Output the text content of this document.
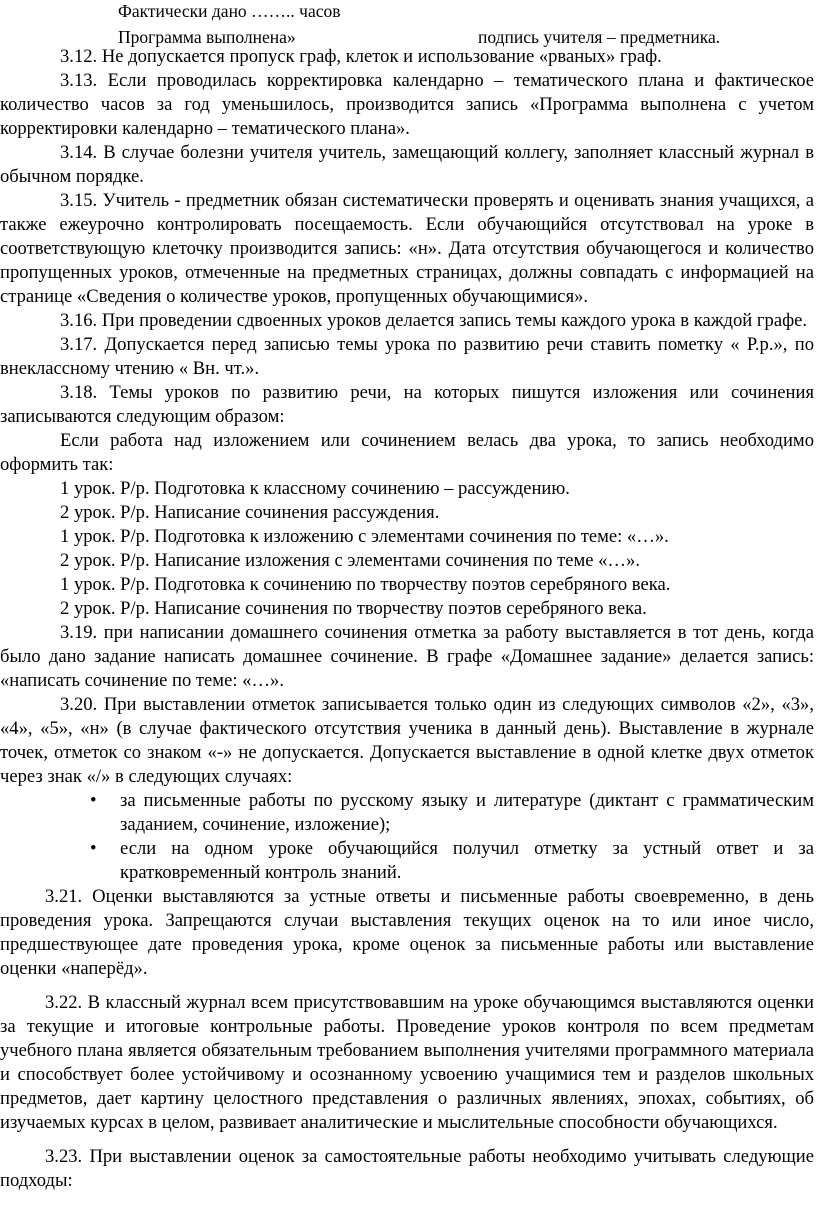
Фактически дано …….. часов
Программа выполнена»	подпись учителя – предметника.

3.12. Не допускается пропуск граф, клеток и использование «рваных» граф.

3.13. Если проводилась корректировка календарно – тематического плана и фактическое количество часов за год уменьшилось, производится запись «Программа выполнена с учетом корректировки календарно – тематического плана».

3.14. В случае болезни учителя учитель, замещающий коллегу, заполняет классный журнал в обычном порядке.

3.15. Учитель - предметник обязан систематически проверять и оценивать знания учащихся, а также ежеурочно контролировать посещаемость. Если обучающийся отсутствовал на уроке в соответствующую клеточку производится запись: «н». Дата отсутствия обучающегося и количество пропущенных уроков, отмеченные на предметных страницах, должны совпадать с информацией на странице «Сведения о количестве уроков, пропущенных обучающимися».

3.16. При проведении сдвоенных уроков делается запись темы каждого урока в каждой графе.

3.17. Допускается перед записью темы урока по развитию речи ставить пометку « Р.р.», по внеклассному чтению « Вн. чт.».

3.18. Темы уроков по развитию речи, на которых пишутся изложения или сочинения записываются следующим образом:

Если работа над изложением или сочинением велась два урока, то запись необходимо оформить так:

1 урок. Р/р. Подготовка к классному сочинению – рассуждению.

2 урок. Р/р. Написание сочинения рассуждения.

1 урок. Р/р. Подготовка к изложению с элементами сочинения по теме: «…».

2 урок. Р/р. Написание изложения с элементами сочинения по теме «…».

1 урок. Р/р. Подготовка к сочинению по творчеству поэтов серебряного века.

2 урок. Р/р. Написание сочинения по творчеству поэтов серебряного века.

3.19. при написании домашнего сочинения отметка за работу выставляется в тот день, когда было дано задание написать домашнее сочинение. В графе «Домашнее задание» делается запись: «написать сочинение по теме: «…».

3.20. При выставлении отметок записывается только один из следующих символов «2», «3», «4», «5», «н» (в случае фактического отсутствия ученика в данный день). Выставление в журнале точек, отметок со знаком «-» не допускается. Допускается выставление в одной клетке двух отметок через знак «/» в следующих случаях:

• за письменные работы по русскому языку и литературе (диктант с грамматическим заданием, сочинение, изложение);
• если на одном уроке обучающийся получил отметку за устный ответ и за кратковременный контроль знаний.

3.21. Оценки выставляются за устные ответы и письменные работы своевременно, в день проведения урока. Запрещаются случаи выставления текущих оценок на то или иное число, предшествующее дате проведения урока, кроме оценок за письменные работы или выставление оценки «наперёд».

3.22. В классный журнал всем присутствовавшим на уроке обучающимся выставляются оценки за текущие и итоговые контрольные работы. Проведение уроков контроля по всем предметам учебного плана является обязательным требованием выполнения учителями программного материала и способствует более устойчивому и осознанному усвоению учащимися тем и разделов школьных предметов, дает картину целостного представления о различных явлениях, эпохах, событиях, об изучаемых курсах в целом, развивает аналитические и мыслительные способности обучающихся.

3.23. При выставлении оценок за самостоятельные работы необходимо учитывать следующие подходы:
